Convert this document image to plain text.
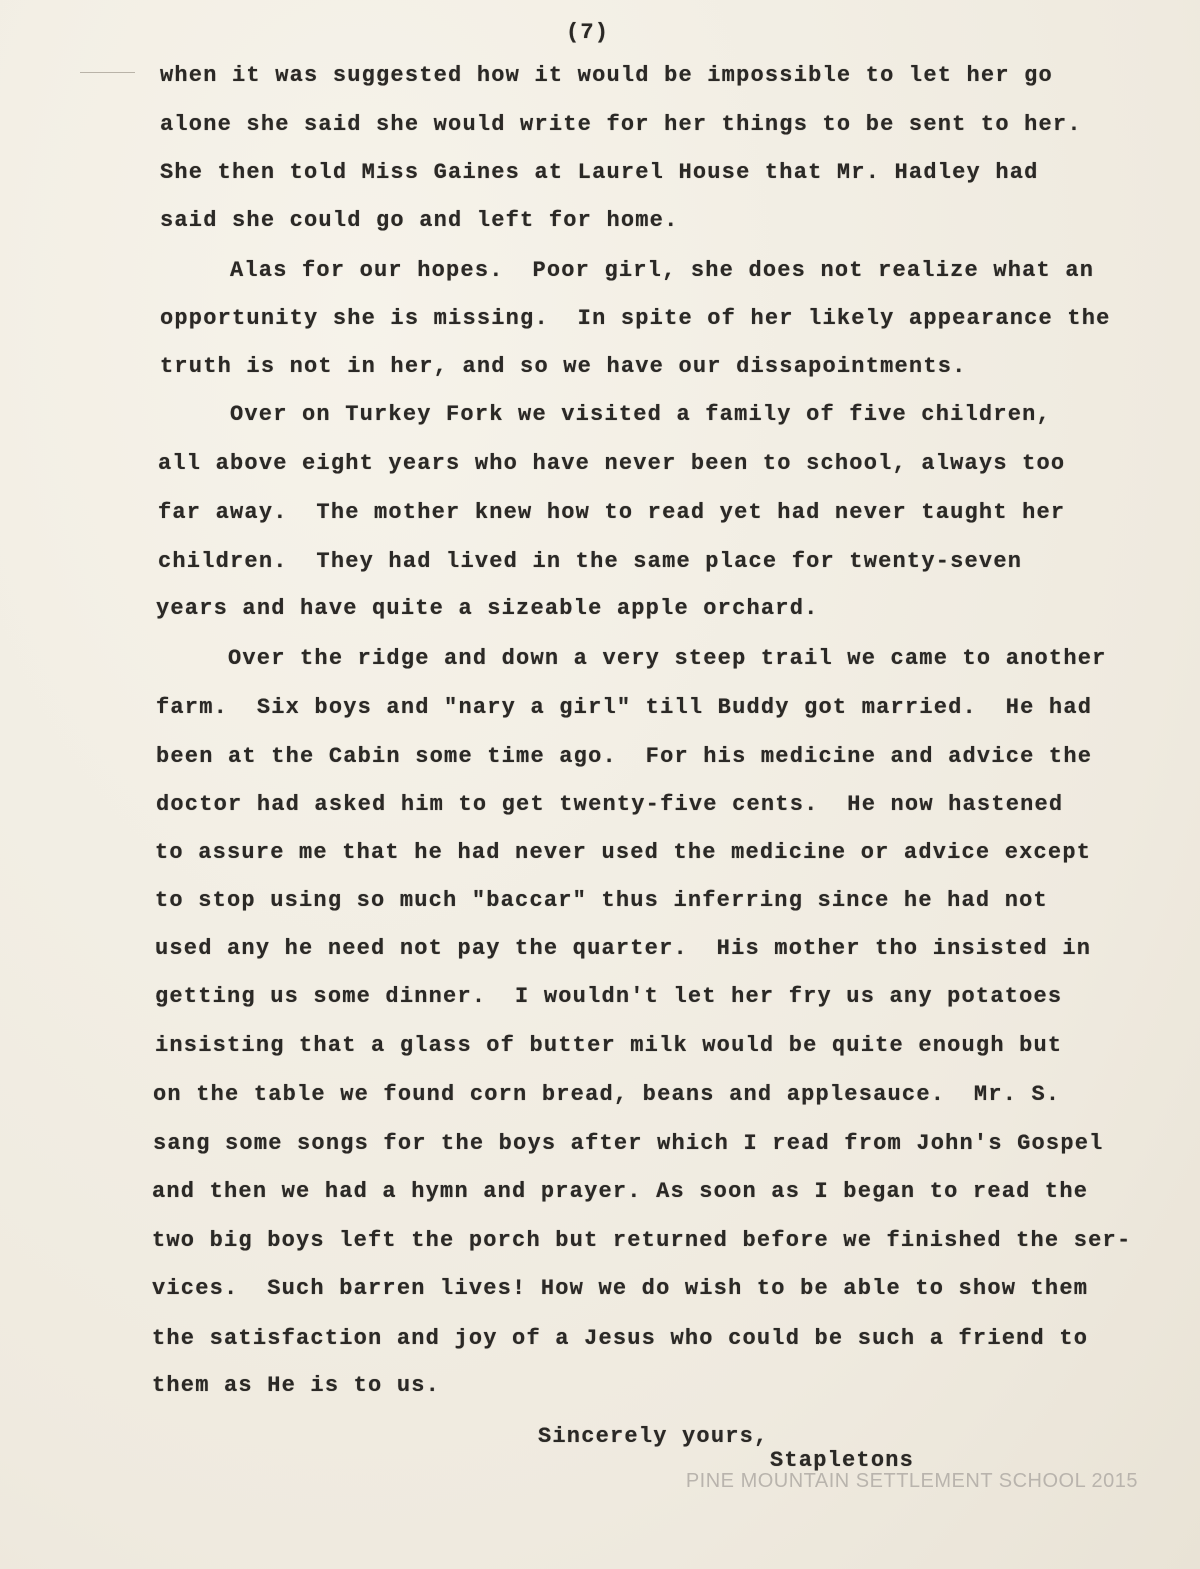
(7)
when it was suggested how it would be impossible to let her go
alone she said she would write for her things to be sent to her.
She then told Miss Gaines at Laurel House that Mr. Hadley had
said she could go and left for home.
Alas for our hopes.  Poor girl, she does not realize what an
opportunity she is missing.  In spite of her likely appearance the
truth is not in her, and so we have our dissapointments.
Over on Turkey Fork we visited a family of five children,
all above eight years who have never been to school, always too
far away.  The mother knew how to read yet had never taught her
children.  They had lived in the same place for twenty-seven
years and have quite a sizeable apple orchard.
Over the ridge and down a very steep trail we came to another
farm.  Six boys and "nary a girl" till Buddy got married.  He had
been at the Cabin some time ago.  For his medicine and advice the
doctor had asked him to get twenty-five cents.  He now hastened
to assure me that he had never used the medicine or advice except
to stop using so much "baccar" thus inferring since he had not
used any he need not pay the quarter.  His mother tho insisted in
getting us some dinner.  I wouldn't let her fry us any potatoes
insisting that a glass of butter milk would be quite enough but
on the table we found corn bread, beans and applesauce.  Mr. S.
sang some songs for the boys after which I read from John's Gospel
and then we had a hymn and prayer. As soon as I began to read the
two big boys left the porch but returned before we finished the ser-
vices.  Such barren lives! How we do wish to be able to show them
the satisfaction and joy of a Jesus who could be such a friend to
them as He is to us.
Sincerely yours,
Stapletons
PINE MOUNTAIN SETTLEMENT SCHOOL 2015
